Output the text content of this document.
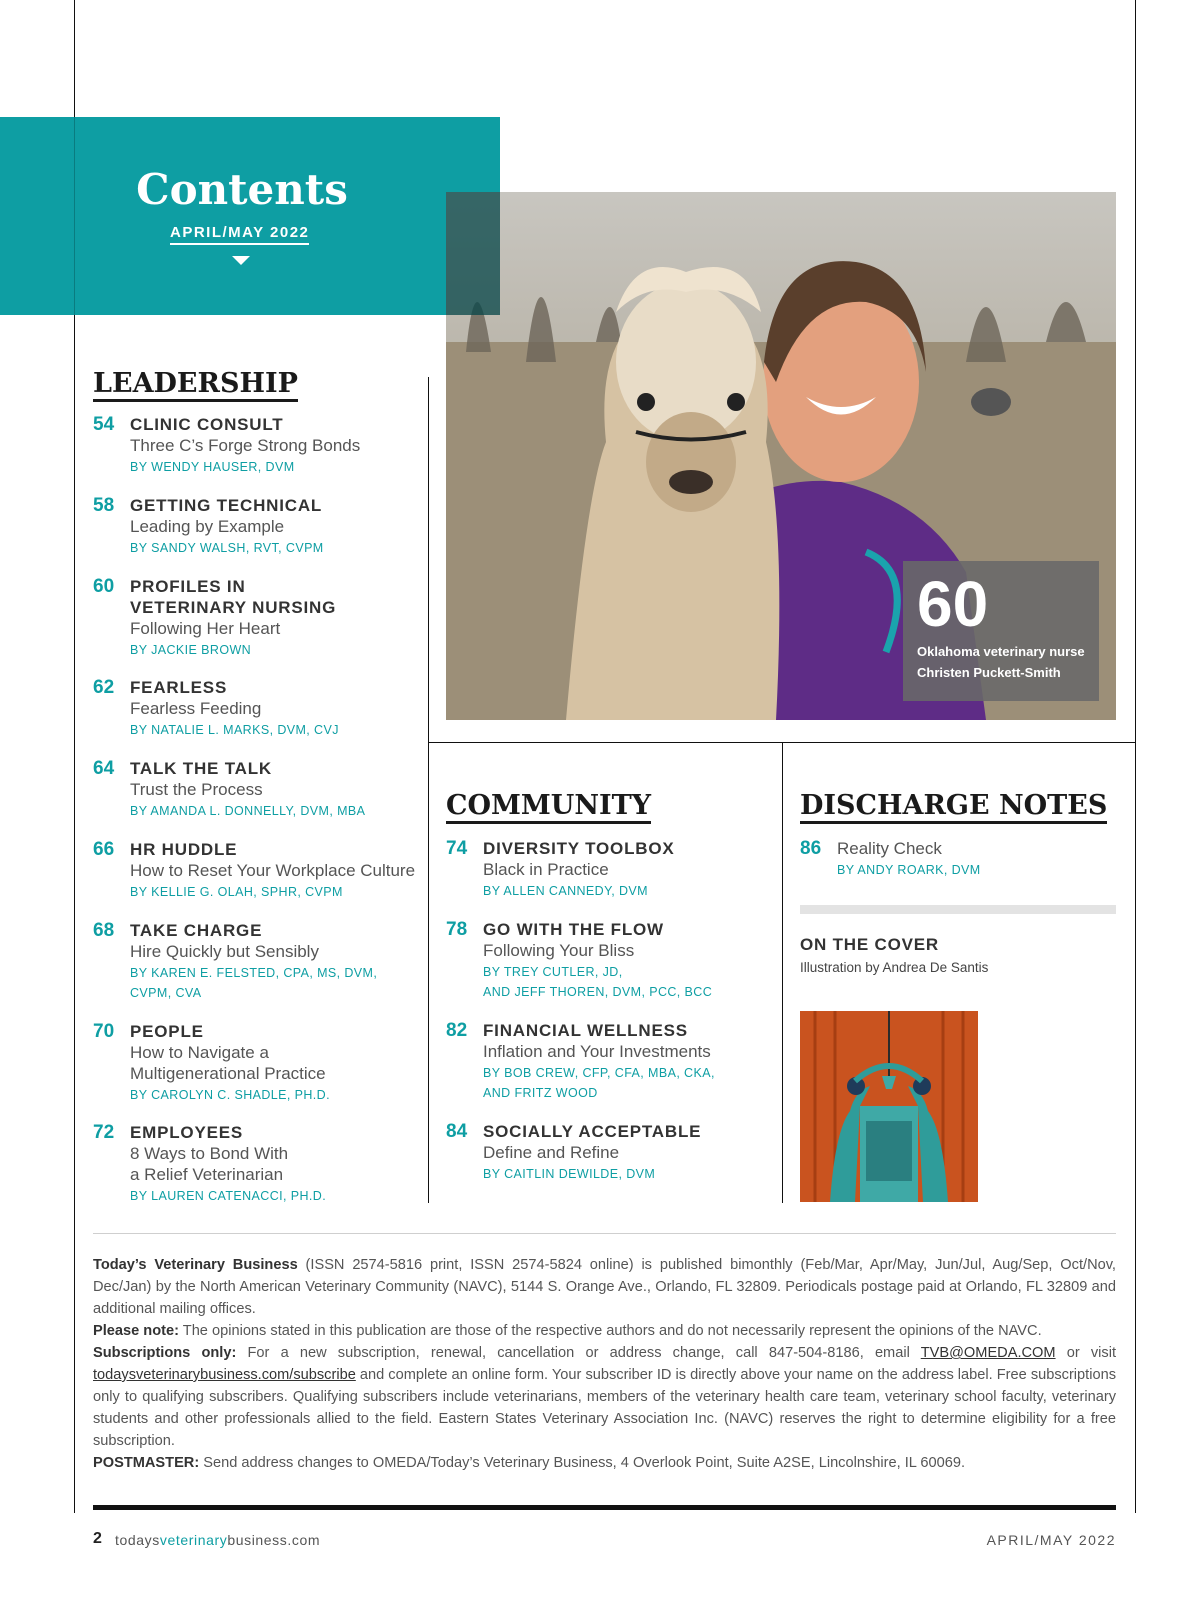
Contents
APRIL/MAY 2022
60
Oklahoma veterinary nurse
Christen Puckett-Smith
LEADERSHIP
54 CLINIC CONSULT
Three C’s Forge Strong Bonds
BY WENDY HAUSER, DVM
58 GETTING TECHNICAL
Leading by Example
BY SANDY WALSH, RVT, CVPM
60 PROFILES IN
VETERINARY NURSING
Following Her Heart
BY JACKIE BROWN
62 FEARLESS
Fearless Feeding
BY NATALIE L. MARKS, DVM, CVJ
64 TALK THE TALK
Trust the Process
BY AMANDA L. DONNELLY, DVM, MBA
66 HR HUDDLE
How to Reset Your Workplace Culture
BY KELLIE G. OLAH, SPHR, CVPM
68 TAKE CHARGE
Hire Quickly but Sensibly
BY KAREN E. FELSTED, CPA, MS, DVM,
CVPM, CVA
70 PEOPLE
How to Navigate a
Multigenerational Practice
BY CAROLYN C. SHADLE, PH.D.
72 EMPLOYEES
8 Ways to Bond With
a Relief Veterinarian
BY LAUREN CATENACCI, PH.D.
COMMUNITY
74 DIVERSITY TOOLBOX
Black in Practice
BY ALLEN CANNEDY, DVM
78 GO WITH THE FLOW
Following Your Bliss
BY TREY CUTLER, JD,
AND JEFF THOREN, DVM, PCC, BCC
82 FINANCIAL WELLNESS
Inflation and Your Investments
BY BOB CREW, CFP, CFA, MBA, CKA,
AND FRITZ WOOD
84 SOCIALLY ACCEPTABLE
Define and Refine
BY CAITLIN DEWILDE, DVM
DISCHARGE NOTES
86 Reality Check
BY ANDY ROARK, DVM
ON THE COVER
Illustration by Andrea De Santis
Today’s Veterinary Business (ISSN 2574-5816 print, ISSN 2574-5824 online) is published bimonthly (Feb/Mar, Apr/May, Jun/Jul, Aug/Sep, Oct/Nov, Dec/Jan) by the North American Veterinary Community (NAVC), 5144 S. Orange Ave., Orlando, FL 32809. Periodicals postage paid at Orlando, FL 32809 and additional mailing offices.
Please note: The opinions stated in this publication are those of the respective authors and do not necessarily represent the opinions of the NAVC.
Subscriptions only: For a new subscription, renewal, cancellation or address change, call 847-504-8186, email TVB@OMEDA.COM or visit todaysveterinarybusiness.com/subscribe and complete an online form. Your subscriber ID is directly above your name on the address label. Free subscriptions only to qualifying subscribers. Qualifying subscribers include veterinarians, members of the veterinary health care team, veterinary school faculty, veterinary students and other professionals allied to the field. Eastern States Veterinary Association Inc. (NAVC) reserves the right to determine eligibility for a free subscription.
POSTMASTER: Send address changes to OMEDA/Today’s Veterinary Business, 4 Overlook Point, Suite A2SE, Lincolnshire, IL 60069.
2 todaysveterinarybusiness.com	APRIL/MAY 2022
